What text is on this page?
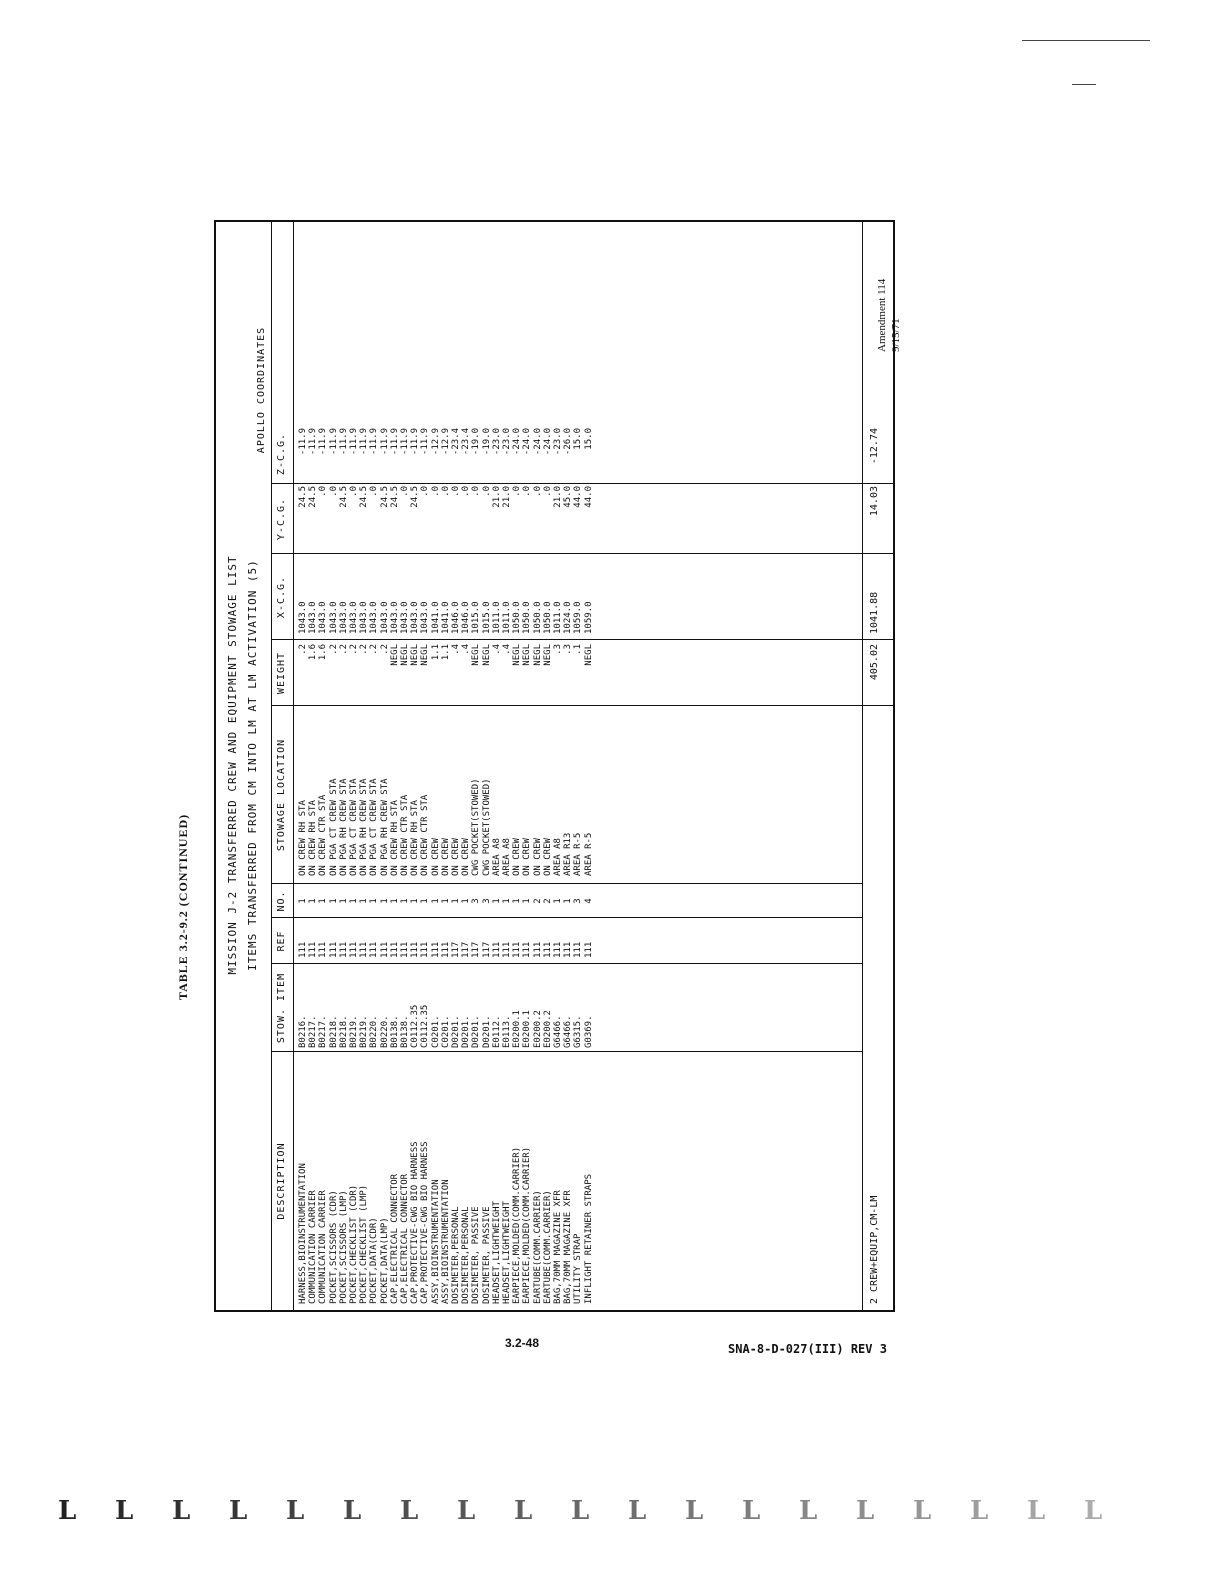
Amendment 114 9/15/71
TABLE 3.2-9.2 (CONTINUED)	MISSION J-2 TRANSFERRED CREW AND EQUIPMENT STOWAGE LIST ITEMS TRANSFERRED FROM CM INTO LM AT LM ACTIVATION (5)
APOLLO COORDINATES
DESCRIPTION
STOW. ITEM
REF
NO.
STOWAGE LOCATION
WEIGHT
X-C.G.
Y-C.G.
Z-C.G.
HARNESS,BIOINSTRUMENTATION
B0216.
111
1
ON CREW RH STA
.2
1043.0
24.5
-11.9
COMMUNICATION CARRIER
B0217.
111
1
ON CREW RH STA
1.6
1043.0
24.5
-11.9
COMMUNICATION CARRIER
B0217.
111
1
ON CREW CTR STA
1.6
1043.0
.0
-11.9
POCKET,SCISSORS (CDR)
B0218.
111
1
ON PGA CT CREW STA
.2
1043.0
.0
-11.9
POCKET,SCISSORS (LMP)
B0218.
111
1
ON PGA RH CREW STA
.2
1043.0
24.5
-11.9
POCKET,CHECKLIST (CDR)
B0219.
111
1
ON PGA CT CREW STA
.2
1043.0
.0
-11.9
POCKET,CHECKLIST (LMP)
B0219.
111
1
ON PGA RH CREW STA
.2
1043.0
24.5
-11.9
POCKET,DATA(CDR)
B0220.
111
1
ON PGA CT CREW STA
.2
1043.0
.0
-11.9
POCKET,DATA(LMP)
B0220.
111
1
ON PGA RH CREW STA
.2
1043.0
24.5
-11.9
CAP,ELECTRICAL CONNECTOR
B0138.
111
1
ON CREW RH STA
NEGL
1043.0
24.5
-11.9
CAP,ELECTRICAL CONNECTOR
B0138.
111
1
ON CREW CTR STA
NEGL
1043.0
.0
-11.9
CAP,PROTECTIVE-CWG BIO HARNESS
C0112.35
111
1
ON CREW RH STA
NEGL
1043.0
24.5
-11.9
CAP,PROTECTIVE-CWG BIO HARNESS
C0112.35
111
1
ON CREW CTR STA
NEGL
1043.0
.0
-11.9
ASSY,BIOINSTRUMENTATION
C0201.
111
1
ON CREW
1.1
1041.0
.0
-12.9
ASSY,BIOINSTRUMENTATION
C0201.
111
1
ON CREW
1.1
1041.0
.0
-12.9
DOSIMETER,PERSONAL
D0201.
117
1
ON CREW
.4
1046.0
.0
-23.4
DOSIMETER,PERSONAL
D0201.
117
1
ON CREW
.4
1046.0
.0
-23.4
DOSIMETER, PASSIVE
D0201.
117
3
CWG POCKET(STOWED)
NEGL
1015.0
.0
-19.0
DOSIMETER, PASSIVE
D0201.
117
3
CWG POCKET(STOWED)
NEGL
1015.0
.0
-19.0
HEADSET,LIGHTWEIGHT
E0112.
111
1
AREA A8
.4
1011.0
21.0
-23.0
HEADSET,LIGHTWEIGHT
E0113.
111
1
AREA A8
.4
1011.0
21.0
-23.0
EARPIECE,MOLDED(COMM.CARRIER)
E0200.1
111
1
ON CREW
NEGL
1050.0
.0
-24.0
EARPIECE,MOLDED(COMM.CARRIER)
E0200.1
111
1
ON CREW
NEGL
1050.0
.0
-24.0
EARTUBE(COMM.CARRIER)
E0200.2
111
2
ON CREW
NEGL
1050.0
.0
-24.0
EARTUBE(COMM.CARRIER)
E0200.2
111
2
ON CREW
NEGL
1050.0
.0
-24.0
BAG,70MM MAGAZINE XFR
G6466.
111
1
AREA A8
.3
1011.0
21.0
-23.0
BAG,70MM MAGAZINE XFR
G6466.
111
1
AREA R13
.3
1024.0
45.0
-26.0
UTILITY STRAP
G6315.
111
3
AREA R-5
.1
1059.0
44.0
15.0
INFLIGHT RETAINER STRAPS
G0369.
111
4
AREA R-5
NEGL
1059.0
44.0
15.0
2 CREW+EQUIP,CM-LM
405.02
1041.88
14.03
-12.74
3.2-48	SNA-8-D-027(III) REV 3
L L L L L L L L L L L L L L L L L L L
